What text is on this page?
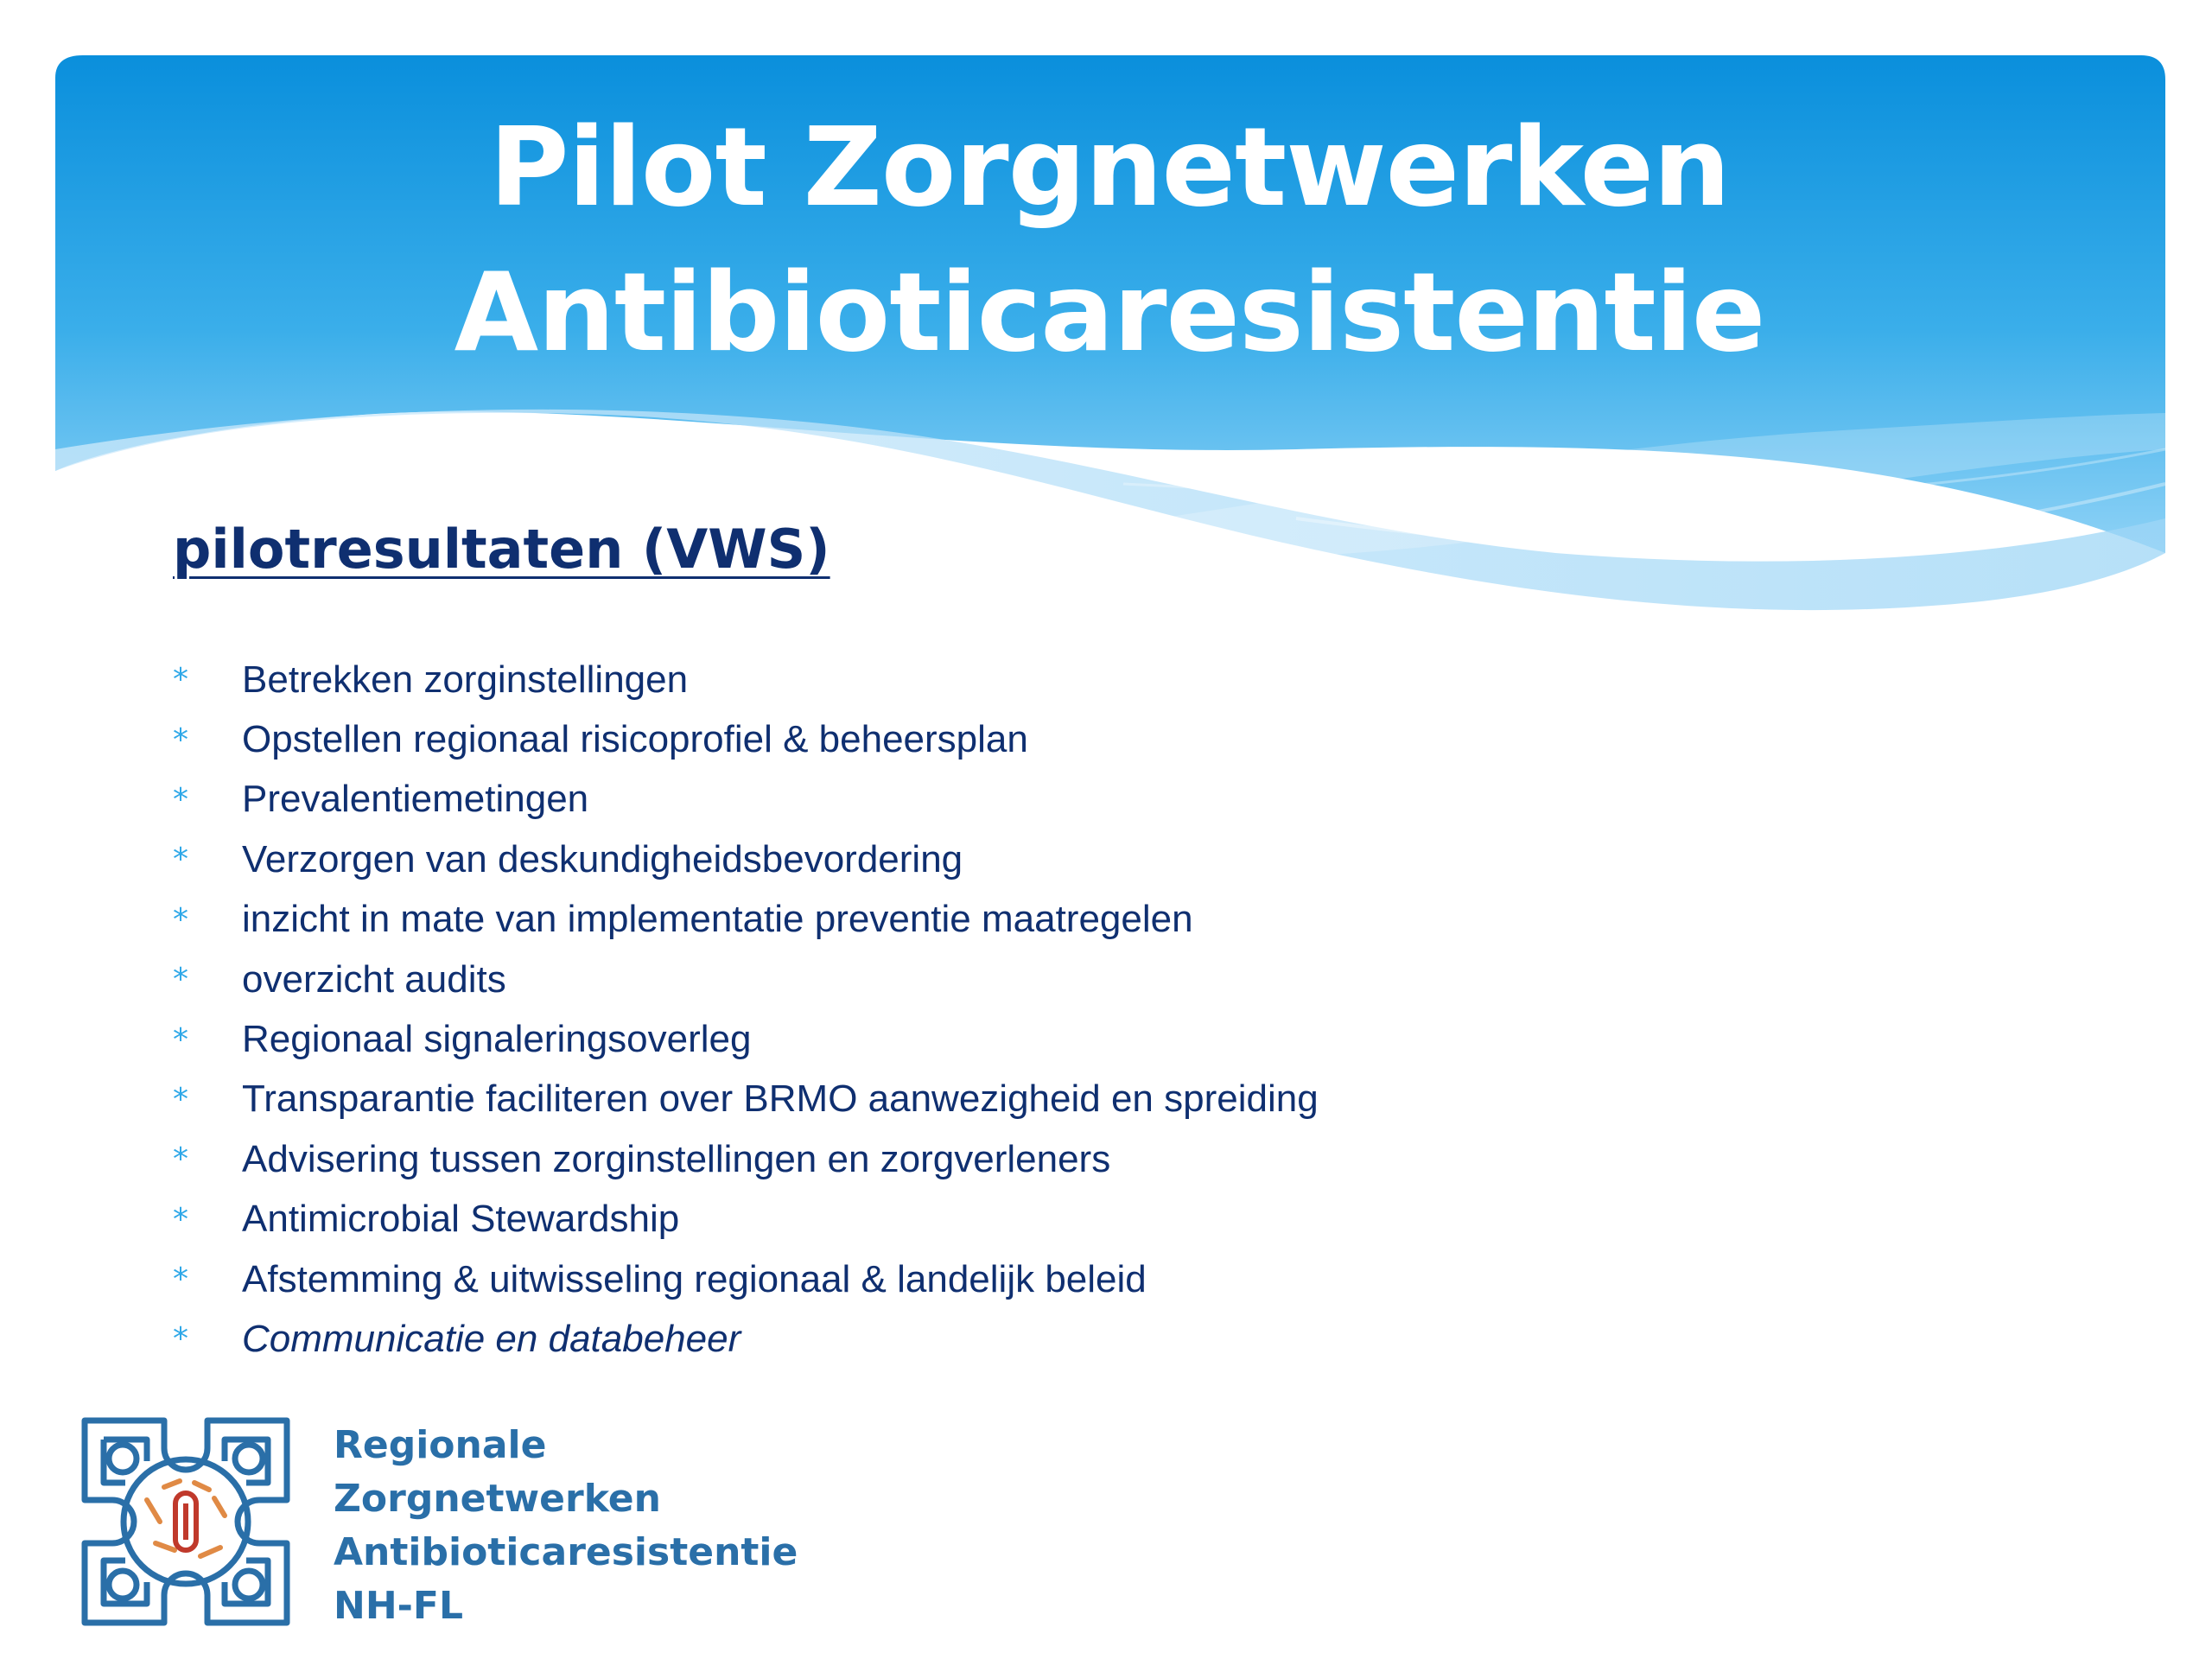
Pilot Zorgnetwerken
Antibioticaresistentie
pilotresultaten (VWS)
*	Betrekken zorginstellingen
*	Opstellen regionaal risicoprofiel & beheersplan
*	Prevalentiemetingen
*	Verzorgen van deskundigheidsbevordering
*	inzicht in mate van implementatie preventie maatregelen
*	overzicht audits
*	Regionaal signaleringsoverleg
*	Transparantie faciliteren over BRMO aanwezigheid en spreiding
*	Advisering tussen zorginstellingen en zorgverleners
*	Antimicrobial Stewardship
*	Afstemming & uitwisseling regionaal & landelijk beleid
*	Communicatie en databeheer
Regionale
Zorgnetwerken
Antibioticaresistentie
NH-FL
